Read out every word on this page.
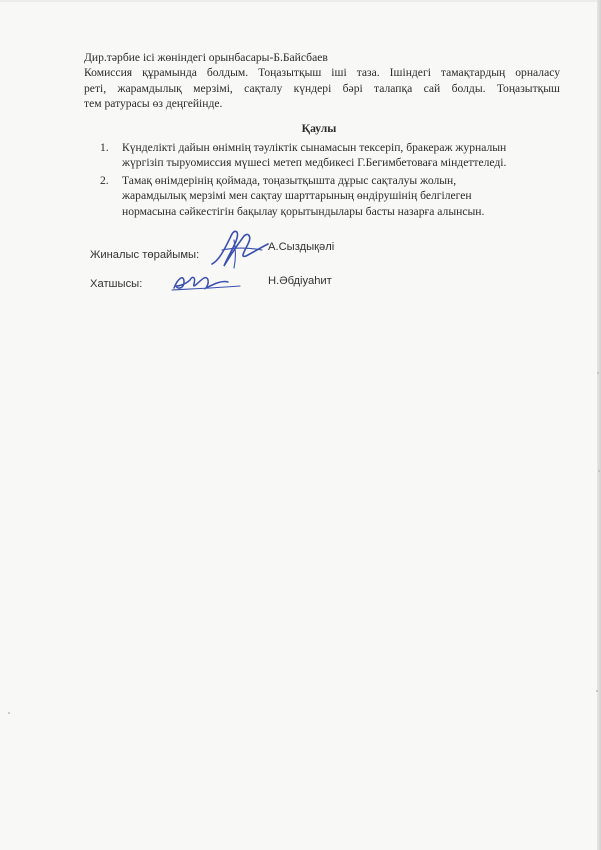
Дир.тәрбие ісі жөніндегі орынбасары-Б.Байсбаев
Комиссия құрамында болдым. Тоңазытқыш іші таза. Ішіндегі тамақтардың орналасу
реті, жарамдылық мерзімі, сақталу күндері бәрі талапқа сай болды. Тоңазытқыш
тем ратурасы өз деңгейінде.
Қаулы
1. Күнделікті дайын өнімнің тәуліктік сынамасын тексеріп, бракераж журналын
жүргізіп тыруомиссия мүшесі метеп медбикесі Г.Бегимбетоваға міндеттеледі.
2. Тамақ өнімдерінің қоймада, тоңазытқышта дұрыс сақталуы жолын,
жарамдылық мерзімі мен сақтау шарттарының өндірушінің белгілеген
нормасына сәйкестігін бақылау қорытындылары басты назарға алынсын.
Жиналыс төрайымы:
А.Сыздықәлі
Хатшысы:	Н.Әбдіуаһит
